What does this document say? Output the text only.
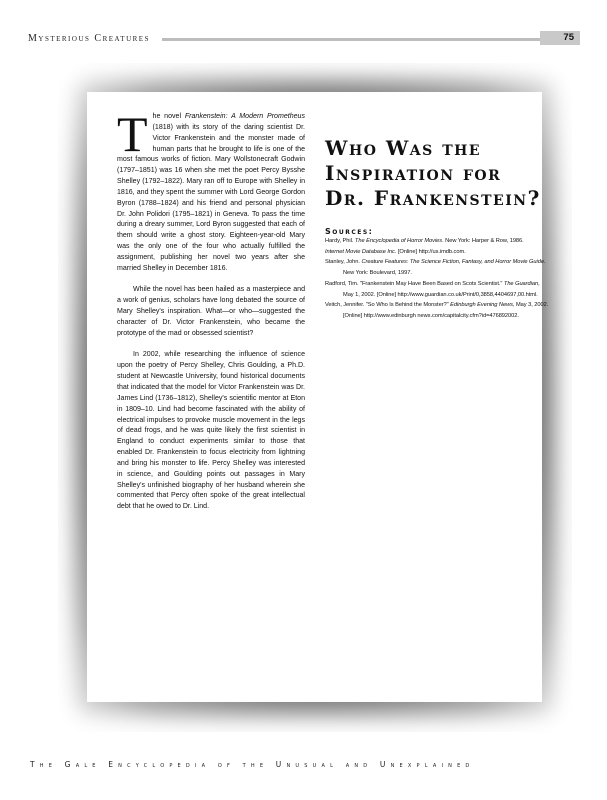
Mysterious Creatures	75

The novel Frankenstein: A Modern Prometheus (1818) with its story of the daring scientist Dr. Victor Frankenstein and the monster made of human parts that he brought to life is one of the most famous works of fiction. Mary Wollstonecraft Godwin (1797–1851) was 16 when she met the poet Percy Bysshe Shelley (1792–1822). Mary ran off to Europe with Shelley in 1816, and they spent the summer with Lord George Gordon Byron (1788–1824) and his friend and personal physician Dr. John Polidori (1795–1821) in Geneva. To pass the time during a dreary summer, Lord Byron suggested that each of them should write a ghost story. Eighteen-year-old Mary was the only one of the four who actually fulfilled the assignment, publishing her novel two years after she married Shelley in December 1816.

While the novel has been hailed as a masterpiece and a work of genius, scholars have long debated the source of Mary Shelley's inspiration. What—or who—suggested the character of Dr. Victor Frankenstein, who became the prototype of the mad or obsessed scientist?

In 2002, while researching the influence of science upon the poetry of Percy Shelley, Chris Goulding, a Ph.D. student at Newcastle University, found historical documents that indicated that the model for Victor Frankenstein was Dr. James Lind (1736–1812), Shelley's scientific mentor at Eton in 1809–10. Lind had become fascinated with the ability of electrical impulses to provoke muscle movement in the legs of dead frogs, and he was quite likely the first scientist in England to conduct experiments similar to those that enabled Dr. Frankenstein to focus electricity from lightning and bring his monster to life. Percy Shelley was interested in science, and Goulding points out passages in Mary Shelley's unfinished biography of her husband wherein she commented that Percy often spoke of the great intellectual debt that he owed to Dr. Lind.

Who Was the
Inspiration for
Dr. Frankenstein?
Sources:

Hardy, Phil. The Encyclopedia of Horror Movies. New York: Harper & Row, 1986.

Internet Movie Database Inc. [Online] http://us.imdb.com.

Stanley, John. Creature Features: The Science Fiction, Fantasy, and Horror Movie Guide. New York: Boulevard, 1997.

Radford, Tim. "Frankenstein May Have Been Based on Scots Scientist." The Guardian, May 1, 2002. [Online] http://www.guardian.co.uk/Print/0,3858,4404697,00.html.

Veitch, Jennifer. "So Who Is Behind the Monster?" Edinburgh Evening News, May 3, 2002. [Online] http://www.edinburgh news.com/capitalcity.cfm?id=476892002.

The Gale Encyclopedia of the Unusual and Unexplained
